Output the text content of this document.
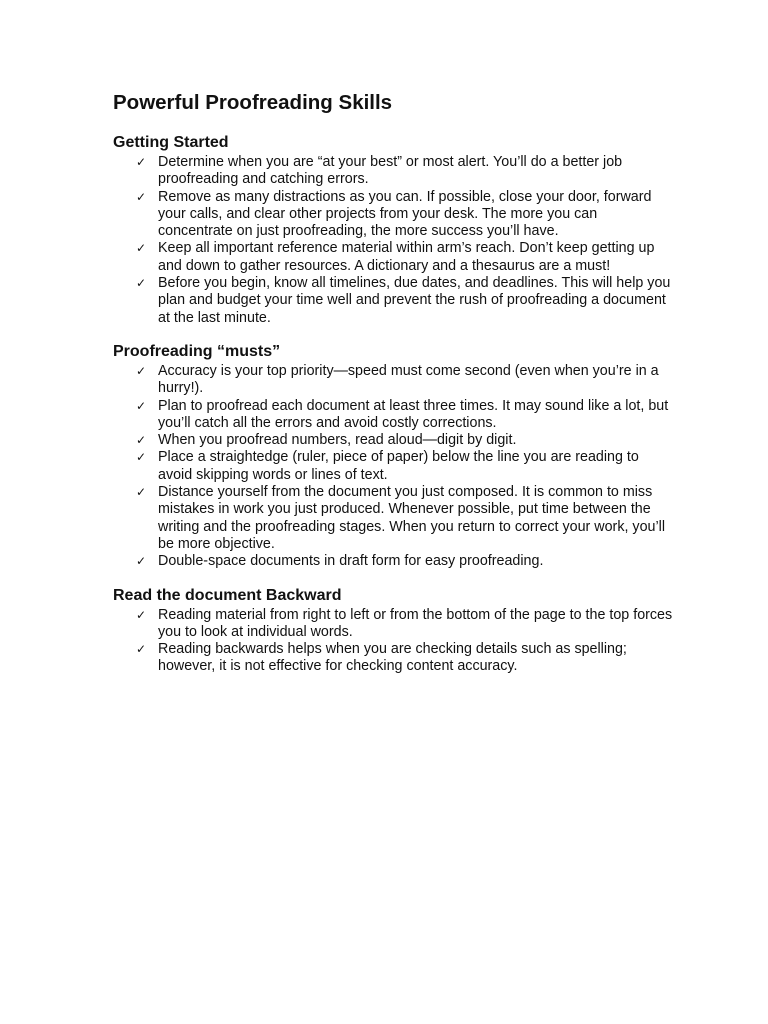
Powerful Proofreading Skills
Getting Started
✓ Determine when you are “at your best” or most alert. You’ll do a better job proofreading and catching errors.
✓ Remove as many distractions as you can. If possible, close your door, forward your calls, and clear other projects from your desk. The more you can concentrate on just proofreading, the more success you’ll have.
✓ Keep all important reference material within arm’s reach. Don’t keep getting up and down to gather resources. A dictionary and a thesaurus are a must!
✓ Before you begin, know all timelines, due dates, and deadlines. This will help you plan and budget your time well and prevent the rush of proofreading a document at the last minute.
Proofreading “musts”
✓ Accuracy is your top priority—speed must come second (even when you’re in a hurry!).
✓ Plan to proofread each document at least three times. It may sound like a lot, but you’ll catch all the errors and avoid costly corrections.
✓ When you proofread numbers, read aloud—digit by digit.
✓ Place a straightedge (ruler, piece of paper) below the line you are reading to avoid skipping words or lines of text.
✓ Distance yourself from the document you just composed. It is common to miss mistakes in work you just produced. Whenever possible, put time between the writing and the proofreading stages. When you return to correct your work, you’ll be more objective.
✓ Double-space documents in draft form for easy proofreading.
Read the document Backward
✓ Reading material from right to left or from the bottom of the page to the top forces you to look at individual words.
✓ Reading backwards helps when you are checking details such as spelling; however, it is not effective for checking content accuracy.
